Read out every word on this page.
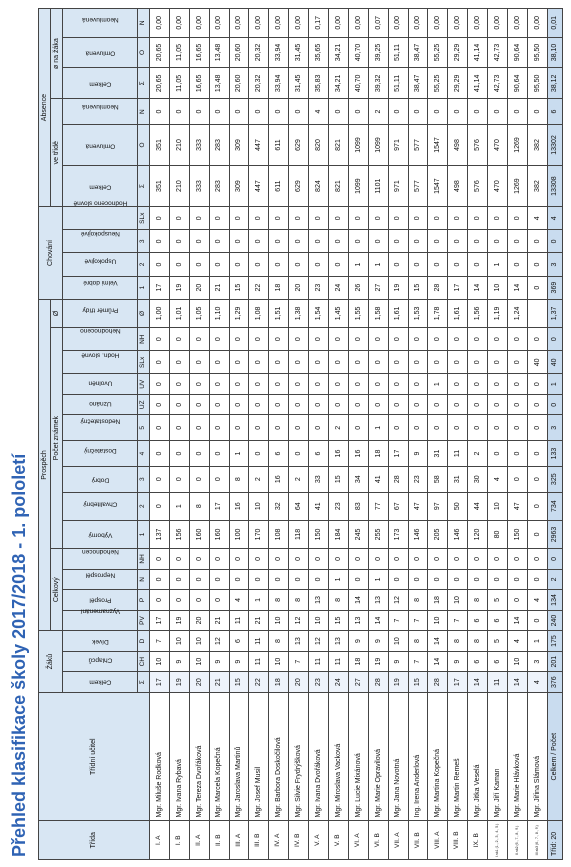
Přehled klasifikace školy 2017/2018 - 1. pololetí	Třída	Třídní učitel	Žáků			Prospěch														Chování				Absence					
					Celkový				Počet známek									Ø					ve třídě			ø na žáka		
		Celkem	Chlapců	Dívek	Vyznamenání	Prospěl	Neprospěl	Nehodnocen	Výborný	Chvalitebný	Dobrý	Dostatečný	Nedostatečný	Uznáno	Uvolněn	Hodn. slovně	Nehodnoceno	Průměr třídy	Velmi dobré	Uspokojivé	Neuspokojivé	Hodnoceno slovně	Celkem	Omluvená	Neomluvená	Celkem	Omluvená	Neomluvená
		Σ	CH	D	PV	P	N	NH	1	2	3	4	5	UZ	UV	SLx	NH	Ø	1	2	3	SLx	Σ	O	N	Σ	O	N
I. A	Mgr. Miluše Rodková	17	10	7	17	0	0	0	137	0	0	0	0	0	0	0	0	1,00	17	0	0	0	351	351	0	20,65	20,65	0,00
I. B	Mgr. Ivana Rybavá	19	9	10	19	0	0	0	156	1	0	0	0	0	0	0	0	1,01	19	0	0	0	210	210	0	11,05	11,05	0,00
II. A	Mgr. Tereza Dvořáková	20	10	10	20	0	0	0	160	8	0	0	0	0	0	0	0	1,05	20	0	0	0	333	333	0	16,65	16,65	0,00
II. B	Mgr. Marcela Kopečná	21	9	12	21	0	0	0	160	17	0	0	0	0	0	0	0	1,10	21	0	0	0	283	283	0	13,48	13,48	0,00
III. A	Mgr. Jaroslava Martinů	15	9	6	11	4	0	0	100	16	8	1	0	0	0	0	0	1,29	15	0	0	0	309	309	0	20,60	20,60	0,00
III. B	Mgr. Josef Musil	22	11	11	21	1	0	0	170	10	2	0	0	0	0	0	0	1,08	22	0	0	0	447	447	0	20,32	20,32	0,00
IV. A	Mgr. Barbora Doskočilová	18	10	8	10	8	0	0	108	32	16	6	0	0	0	0	0	1,51	18	0	0	0	611	611	0	33,94	33,94	0,00
IV. B	Mgr. Silvie Frydrýšková	20	7	13	12	8	0	0	118	64	2	0	0	0	0	0	0	1,38	20	0	0	0	629	629	0	31,45	31,45	0,00
V. A	Mgr. Ivana Dvořáková	23	11	12	10	13	0	0	150	41	33	6	0	0	0	0	0	1,54	23	0	0	0	824	820	4	35,83	35,65	0,17
V. B	Mgr. Miroslava Vacková	24	11	13	15	8	1	0	184	23	15	16	2	0	0	0	0	1,45	24	0	0	0	821	821	0	34,21	34,21	0,00
VI. A	Mgr. Lucie Mixánová	27	18	9	13	14	0	0	245	83	34	16	0	0	0	0	0	1,55	26	1	0	0	1099	1099	0	40,70	40,70	0,00
VI. B	Mgr. Marie Opravilová	28	19	9	14	13	1	0	255	77	41	18	1	0	0	0	0	1,58	27	1	0	0	1101	1099	2	39,32	39,25	0,07
VII. A	Mgr. Jana Novotná	19	9	10	7	12	0	0	173	67	28	17	0	0	0	0	0	1,61	19	0	0	0	971	971	0	51,11	51,11	0,00
VII. B	Ing. Irena Anderlová	15	7	8	7	8	0	0	146	47	23	9	0	0	0	0	0	1,53	15	0	0	0	577	577	0	38,47	38,47	0,00
VIII. A	Mgr. Martina Kopečná	28	14	14	10	18	0	0	205	97	58	31	0	0	1	0	0	1,78	28	0	0	0	1547	1547	0	55,25	55,25	0,00
VIII. B	Mgr. Martin Remeš	17	9	8	7	10	0	0	146	50	31	11	0	0	0	0	0	1,61	17	0	0	0	498	498	0	29,29	29,29	0,00
IX. B	Mgr. Jitka Veselá	14	6	8	6	8	0	0	120	44	30	2	0	0	0	0	0	1,56	14	0	0	0	576	576	0	41,14	41,14	0,00
I.sk1 (1., 2., 3., 4., 5.)	Mgr. Jiří Kaman	11	6	5	6	5	0	0	80	10	4	0	0	0	0	0	0	1,19	10	1	0	0	470	470	0	42,73	42,73	0,00
II.sk2 (6., 7., 8., 9.)	Mgr. Marie Hlávková	14	10	4	14	0	0	0	150	47	0	0	0	0	0	0	0	1,24	14	0	0	0	1269	1269	0	90,64	90,64	0,00
III.sk3 (6., 7., 8., 9.)	Mgr. Jiřina Slámová	4	3	1	0	4	0	0	0	0	0	0	0	0	0	40	0		0	0	0	4	382	382	0	95,50	95,50	0,00
Tříd: 20	Celkem / Počet	376	201	175	240	134	2	0	2963	734	325	133	3	0	1	40	0	1,37	369	3	0	4	13308	13302	6	38,12	38,10	0,01
